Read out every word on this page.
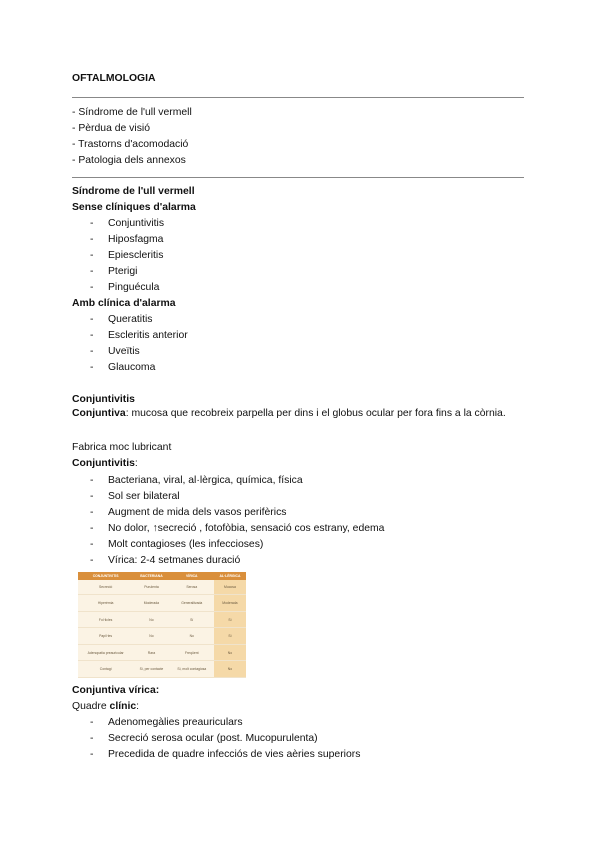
OFTALMOLOGIA
- Síndrome de l'ull vermell
- Pèrdua de visió
- Trastorns d'acomodació
- Patologia dels annexos
Síndrome de l'ull vermell
Sense clíniques d'alarma
- Conjuntivitis
- Hiposfagma
- Epiescleritis
- Pterigi
- Pinguécula
Amb clínica d'alarma
- Queratitis
- Escleritis anterior
- Uveïtis
- Glaucoma
Conjuntivitis
Conjuntiva: mucosa que recobreix parpella per dins i el globus ocular per fora fins a la còrnia.
Fabrica moc lubricant
Conjuntivitis:
- Bacteriana, viral, al·lèrgica, química, física
- Sol ser bilateral
- Augment de mida dels vasos perifèrics
- No dolor, ↑secreció , fotofòbia, sensació cos estrany, edema
- Molt contagioses (les infeccioses)
- Vírica: 2-4 setmanes duració
CONJUNTIVITIS	BACTERIANA	VÍRICA	AL·LÈRGICA
Secreció	Purulenta	Serosa	Mucosa
Hiperèmia	Moderada	Generalitzada	Moderada
Fol·licles	No	Sí	Sí
Papil·les	No	No	Sí
Adenopatia preauricular	Rara	Freqüent	No
Contagi	Sí, per contacte	Sí, molt contagiosa	No
Conjuntiva vírica:
Quadre clínic:
- Adenomegàlies preauriculars
- Secreció serosa ocular (post. Mucopurulenta)
- Precedida de quadre infecciós de vies aèries superiors
